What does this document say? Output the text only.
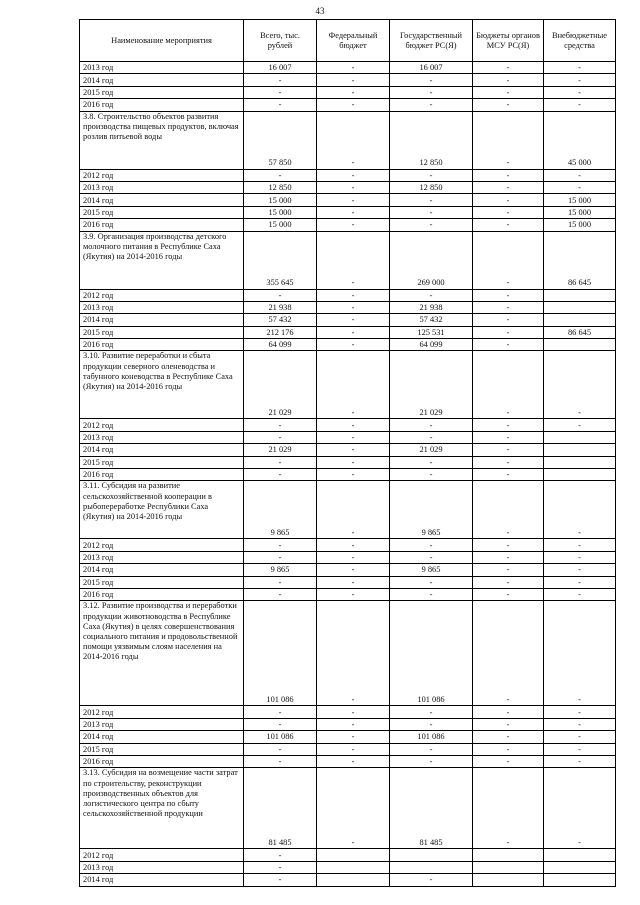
43
Наименование мероприятия	Всего, тыс. рублей	Федеральный бюджет	Государственный бюджет РС(Я)	Бюджеты органов МСУ РС(Я)	Внебюджетные средства
2013 год	16 007	-	16 007	-	-
2014 год	-	-	-	-	-
2015 год	-	-	-	-	-
2016 год	-	-	-	-	-
3.8. Строительство объектов развития производства пищевых продуктов, включая розлив питьевой воды	57 850	-	12 850	-	45 000
2012 год	-	-	-	-	-
2013 год	12 850	-	12 850	-	-
2014 год	15 000	-	-	-	15 000
2015 год	15 000	-	-	-	15 000
2016 год	15 000	-	-	-	15 000
3.9. Организация производства детского молочного питания в Республике Саха (Якутия) на 2014-2016 годы	355 645	-	269 000	-	86 645
2012 год	-	-	-	-	
2013 год	21 938	-	21 938	-	
2014 год	57 432	-	57 432	-	
2015 год	212 176	-	125 531	-	86 645
2016 год	64 099	-	64 099	-	
3.10. Развитие переработки и сбыта продукции северного оленеводства и табунного коневодства в Республике Саха (Якутия) на 2014-2016 годы	21 029	-	21 029	-	-
2012 год	-	-	-	-	-
2013 год	-	-	-	-	
2014 год	21 029	-	21 029	-	
2015 год	-	-	-	-	
2016 год	-	-	-	-	
3.11. Субсидия на развитие сельскохозяйственной кооперации в рыбопереработке Республики Саха (Якутия) на 2014-2016 годы	9 865	-	9 865	-	-
2012 год	-	-	-	-	-
2013 год	-	-	-	-	-
2014 год	9 865	-	9 865	-	-
2015 год	-	-	-	-	-
2016 год	-	-	-	-	-
3.12. Развитие производства и переработки продукции животноводства в Республике Саха (Якутия) в целях совершенствования социального питания и продовольственной помощи уязвимым слоям населения на 2014-2016 годы	101 086	-	101 086	-	-
2012 год	-	-	-	-	-
2013 год	-	-	-	-	-
2014 год	101 086	-	101 086	-	-
2015 год	-	-	-	-	-
2016 год	-	-	-	-	-
3.13. Субсидия на возмещение части затрат по строительству, реконструкции производственных объектов для логистического центра по сбыту сельскохозяйственной продукции	81 485	-	81 485	-	-
2012 год	-				
2013 год	-				
2014 год	-		-		
